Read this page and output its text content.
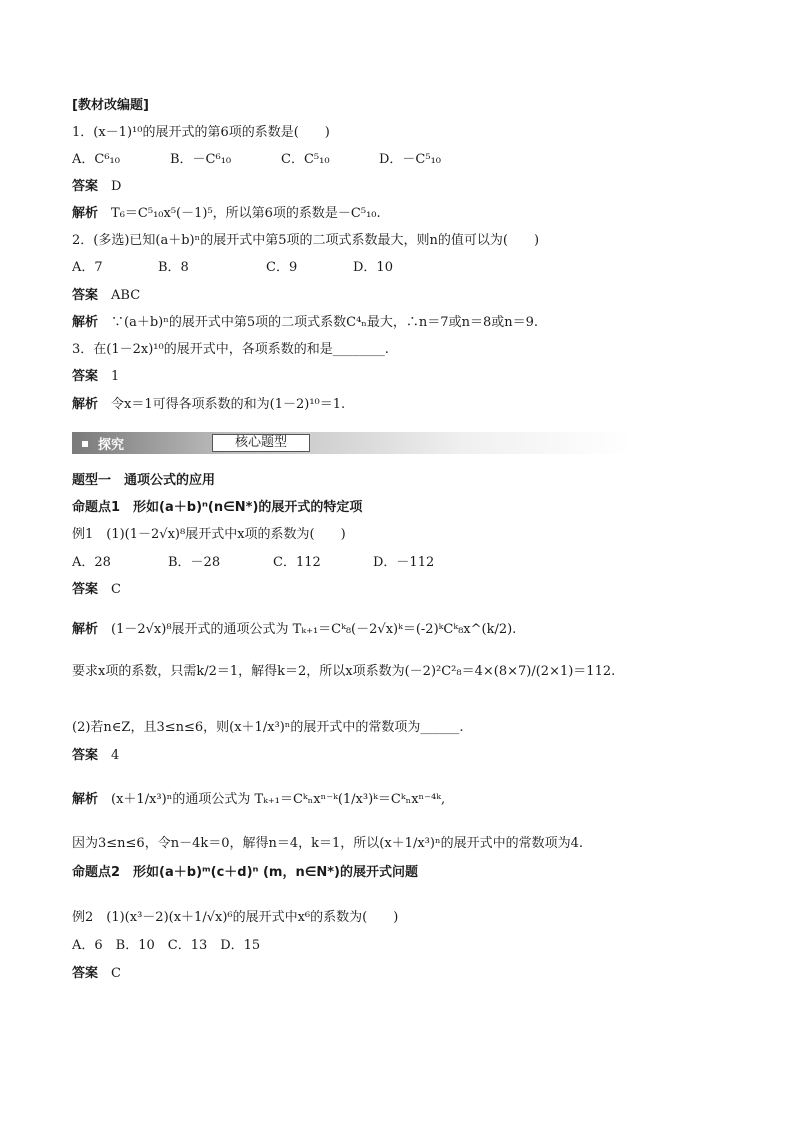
[教材改编题]
1．(x－1)¹⁰的展开式的第6项的系数是(　　)
A．C⁶₁₀	B．－C⁶₁₀	C．C⁵₁₀	D．－C⁵₁₀
答案　 D
解析　 T₆＝C⁵₁₀x⁵(－1)⁵，所以第6项的系数是－C⁵₁₀.
2．(多选)已知(a＋b)ⁿ的展开式中第5项的二项式系数最大，则n的值可以为(　　)
A．7	B．8	C．9	D．10
答案　 ABC
解析　 ∵(a＋b)ⁿ的展开式中第5项的二项式系数C⁴ₙ最大，∴n＝7或n＝8或n＝9.
3．在(1－2x)¹⁰的展开式中，各项系数的和是________.
答案　 1
解析　 令x＝1可得各项系数的和为(1－2)¹⁰＝1.
探究	核心题型
题型一　通项公式的应用
命题点1　形如(a＋b)ⁿ(n∈N*)的展开式的特定项
例1　(1)(1－2√x)⁸展开式中x项的系数为(　　)
A．28	B．－28	C．112	D．－112
答案　 C
解析　 (1－2√x)⁸展开式的通项公式为 Tₖ₊₁＝Cᵏ₈(－2√x)ᵏ＝(-2)ᵏCᵏ₈x^(k/2).
要求x项的系数，只需k/2＝1，解得k＝2，所以x项系数为(－2)²C²₈＝4×(8×7)/(2×1)＝112.
(2)若n∈Z，且3≤n≤6，则(x＋1/x³)ⁿ的展开式中的常数项为______.
答案　 4
解析　 (x＋1/x³)ⁿ的通项公式为 Tₖ₊₁＝Cᵏₙxⁿ⁻ᵏ(1/x³)ᵏ＝Cᵏₙxⁿ⁻⁴ᵏ,
因为3≤n≤6，令n－4k＝0，解得n＝4，k＝1，所以(x＋1/x³)ⁿ的展开式中的常数项为4.
命题点2　形如(a＋b)ᵐ(c＋d)ⁿ (m，n∈N*)的展开式问题
例2　(1)(x³－2)(x＋1/√x)⁶的展开式中x⁶的系数为(　　)
A．6　B．10　C．13　D．15
答案　 C
